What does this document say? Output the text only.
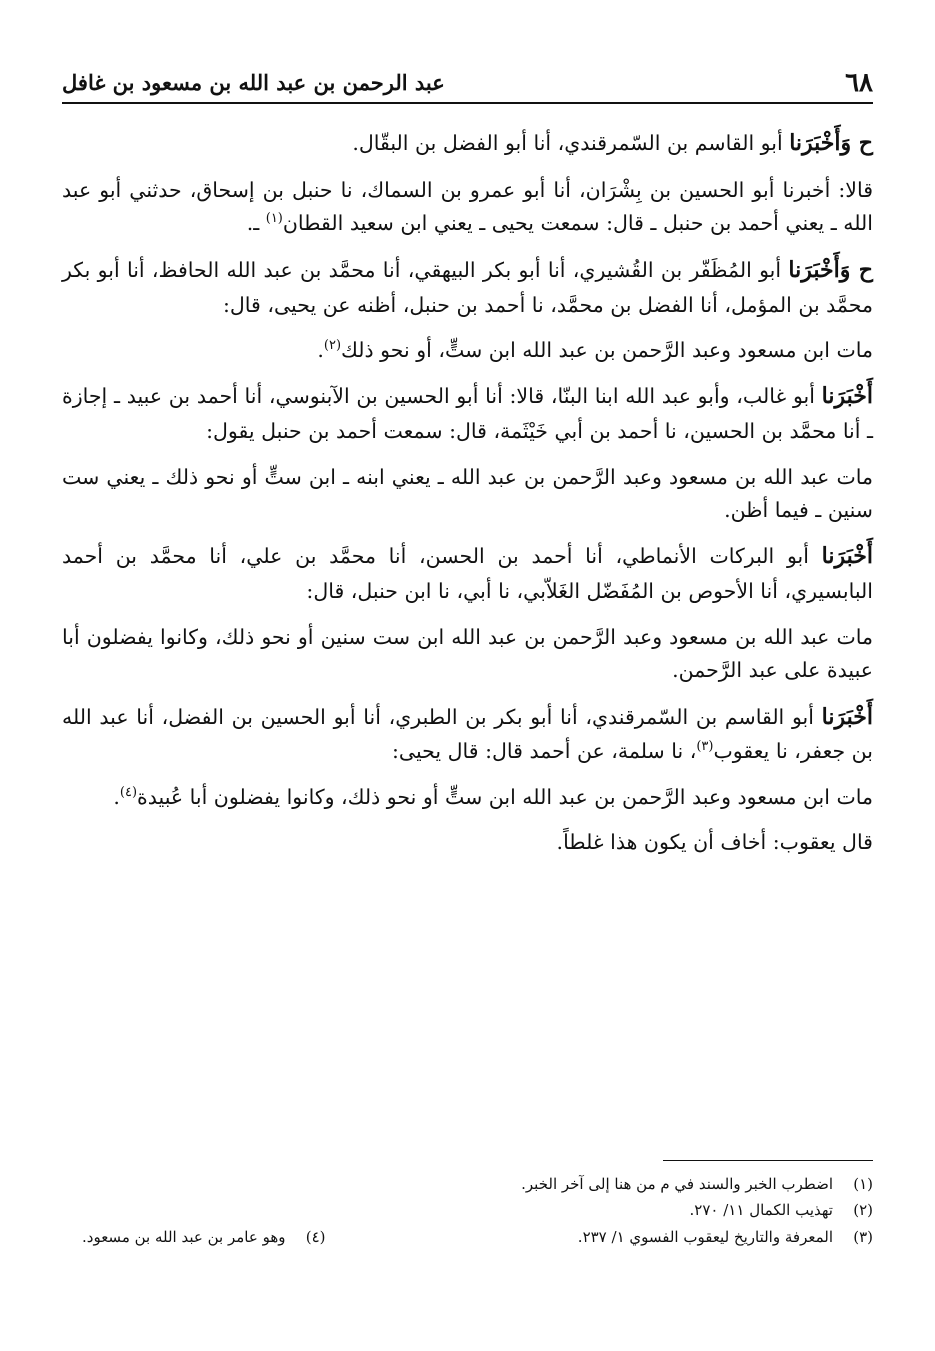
٦٨
عبد الرحمن بن عبد الله بن مسعود بن غافل

ح وَأَخْبَرَنا أبو القاسم بن السّمرقندي، أنا أبو الفضل بن البقّال.

قالا: أخبرنا أبو الحسين بن بِشْرَان، أنا أبو عمرو بن السماك، نا حنبل بن إسحاق، حدثني أبو عبد الله ـ يعني أحمد بن حنبل ـ قال: سمعت يحيى ـ يعني ابن سعيد القطان$^{(١)}$ ـ.

ح وَأَخْبَرَنا أبو المُظَفّر بن القُشيري، أنا أبو بكر البيهقي، أنا محمَّد بن عبد الله الحافظ، أنا أبو بكر محمَّد بن المؤمل، أنا الفضل بن محمَّد، نا أحمد بن حنبل، أظنه عن يحيى، قال:

مات ابن مسعود وعبد الرَّحمن بن عبد الله ابن ستٍّ، أو نحو ذلك$^{(٢)}$.

أَخْبَرَنا أبو غالب، وأبو عبد الله ابنا البنّا، قالا: أنا أبو الحسين بن الآبنوسي، أنا أحمد بن عبيد ـ إجازة ـ أنا محمَّد بن الحسين، نا أحمد بن أبي خَيْثَمة، قال: سمعت أحمد بن حنبل يقول:

مات عبد الله بن مسعود وعبد الرَّحمن بن عبد الله ـ يعني ابنه ـ ابن ستٍّ أو نحو ذلك ـ يعني ست سنين ـ فيما أظن.

أَخْبَرَنا أبو البركات الأنماطي، أنا أحمد بن الحسن، أنا محمَّد بن علي، أنا محمَّد بن أحمد البابسيري، أنا الأحوص بن المُفَضّل الغَلاّبي، نا أبي، نا ابن حنبل، قال:

مات عبد الله بن مسعود وعبد الرَّحمن بن عبد الله ابن ست سنين أو نحو ذلك، وكانوا يفضلون أبا عبيدة على عبد الرَّحمن.

أَخْبَرَنا أبو القاسم بن السّمرقندي، أنا أبو بكر بن الطبري، أنا أبو الحسين بن الفضل، أنا عبد الله بن جعفر، نا يعقوب$^{(٣)}$، نا سلمة، عن أحمد قال: قال يحيى:

مات ابن مسعود وعبد الرَّحمن بن عبد الله ابن ستٍّ أو نحو ذلك، وكانوا يفضلون أبا عُبيدة$^{(٤)}$.

قال يعقوب: أخاف أن يكون هذا غلطاً.

(١)
اضطرب الخبر والسند في م من هنا إلى آخر الخبر.
(٢)
تهذيب الكمال ١١/ ٢٧٠.
(٣)
المعرفة والتاريخ ليعقوب الفسوي ١/ ٢٣٧.
(٤)
وهو عامر بن عبد الله بن مسعود.
